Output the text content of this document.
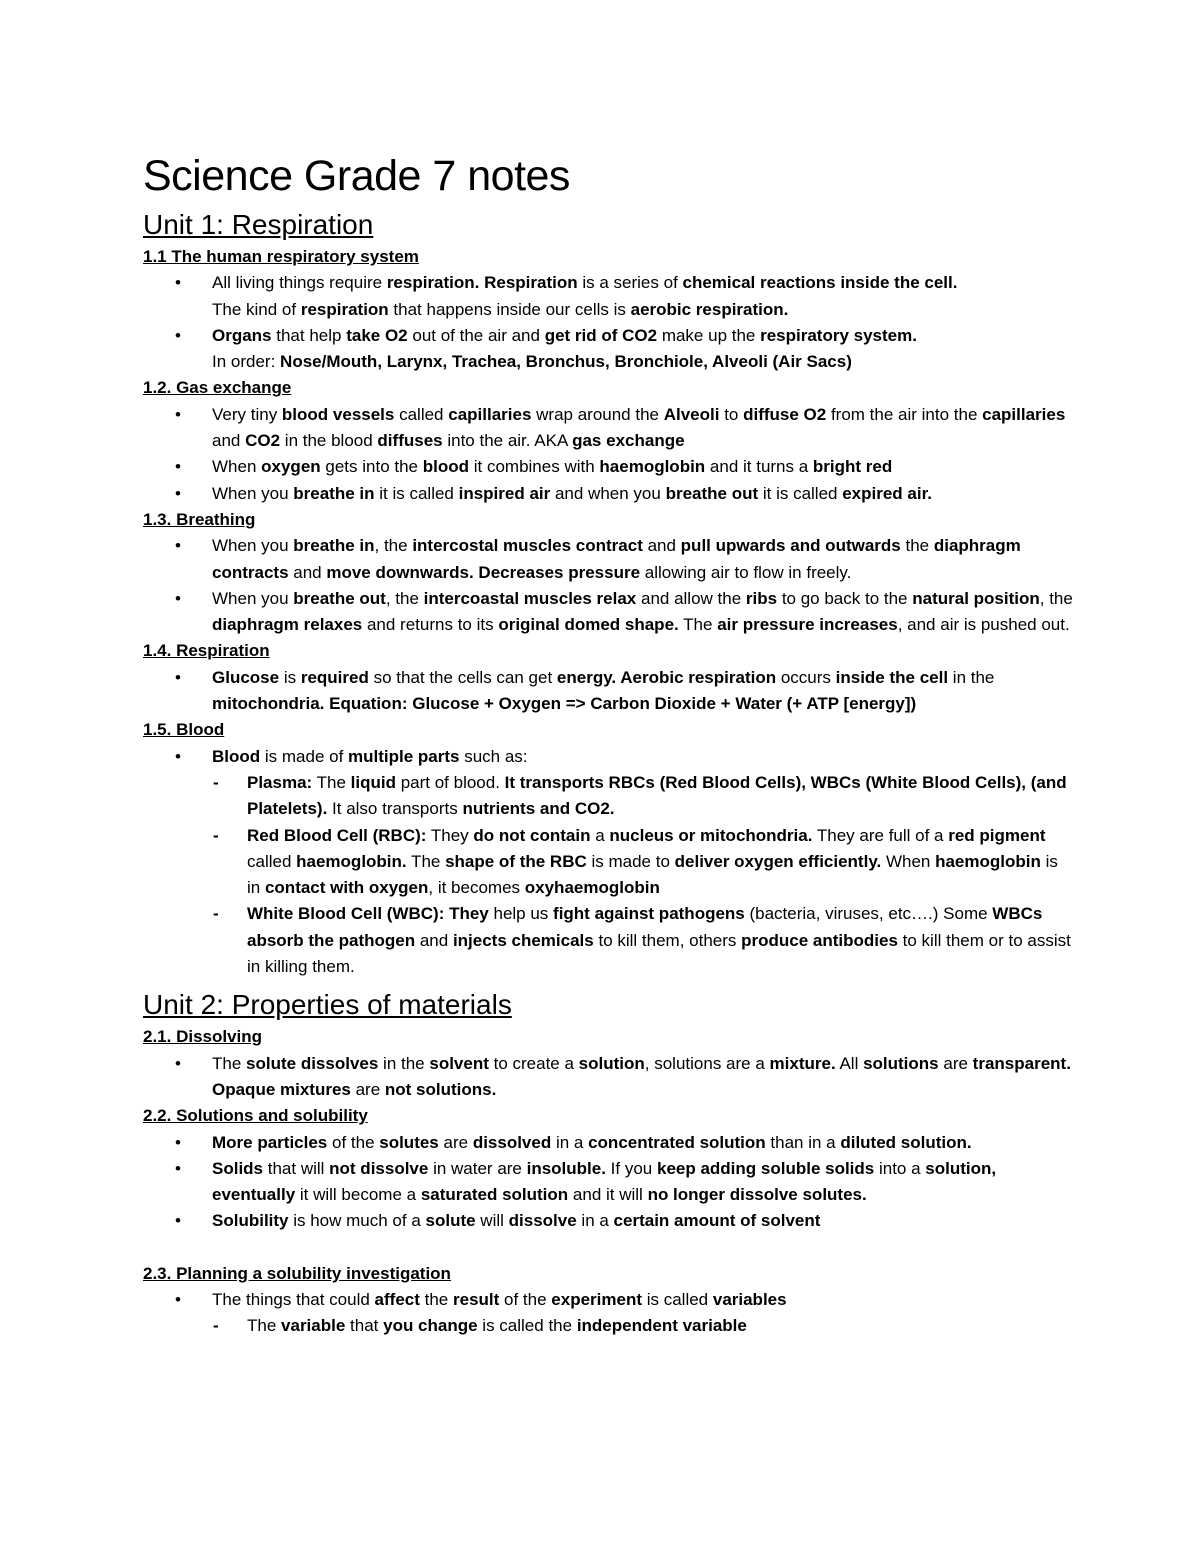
Science Grade 7 notes
Unit 1: Respiration
1.1 The human respiratory system
• All living things require respiration. Respiration is a series of chemical reactions inside the cell.
The kind of respiration that happens inside our cells is aerobic respiration.
• Organs that help take O2 out of the air and get rid of CO2 make up the respiratory system.
In order: Nose/Mouth, Larynx, Trachea, Bronchus, Bronchiole, Alveoli (Air Sacs)
1.2. Gas exchange
• Very tiny blood vessels called capillaries wrap around the Alveoli to diffuse O2 from the air into the capillaries and CO2 in the blood diffuses into the air. AKA gas exchange
• When oxygen gets into the blood it combines with haemoglobin and it turns a bright red
• When you breathe in it is called inspired air and when you breathe out it is called expired air.
1.3. Breathing
• When you breathe in, the intercostal muscles contract and pull upwards and outwards the diaphragm contracts and move downwards. Decreases pressure allowing air to flow in freely.
• When you breathe out, the intercoastal muscles relax and allow the ribs to go back to the natural position, the diaphragm relaxes and returns to its original domed shape. The air pressure increases, and air is pushed out.
1.4. Respiration
• Glucose is required so that the cells can get energy. Aerobic respiration occurs inside the cell in the mitochondria. Equation: Glucose + Oxygen => Carbon Dioxide + Water (+ ATP [energy])
1.5. Blood
• Blood is made of multiple parts such as:
- Plasma: The liquid part of blood. It transports RBCs (Red Blood Cells), WBCs (White Blood Cells), (and Platelets). It also transports nutrients and CO2.
- Red Blood Cell (RBC): They do not contain a nucleus or mitochondria. They are full of a red pigment called haemoglobin. The shape of the RBC is made to deliver oxygen efficiently. When haemoglobin is in contact with oxygen, it becomes oxyhaemoglobin
- White Blood Cell (WBC): They help us fight against pathogens (bacteria, viruses, etc….) Some WBCs absorb the pathogen and injects chemicals to kill them, others produce antibodies to kill them or to assist in killing them.
Unit 2: Properties of materials
2.1. Dissolving
• The solute dissolves in the solvent to create a solution, solutions are a mixture. All solutions are transparent. Opaque mixtures are not solutions.
2.2. Solutions and solubility
• More particles of the solutes are dissolved in a concentrated solution than in a diluted solution.
• Solids that will not dissolve in water are insoluble. If you keep adding soluble solids into a solution, eventually it will become a saturated solution and it will no longer dissolve solutes.
• Solubility is how much of a solute will dissolve in a certain amount of solvent
2.3. Planning a solubility investigation
• The things that could affect the result of the experiment is called variables
- The variable that you change is called the independent variable
